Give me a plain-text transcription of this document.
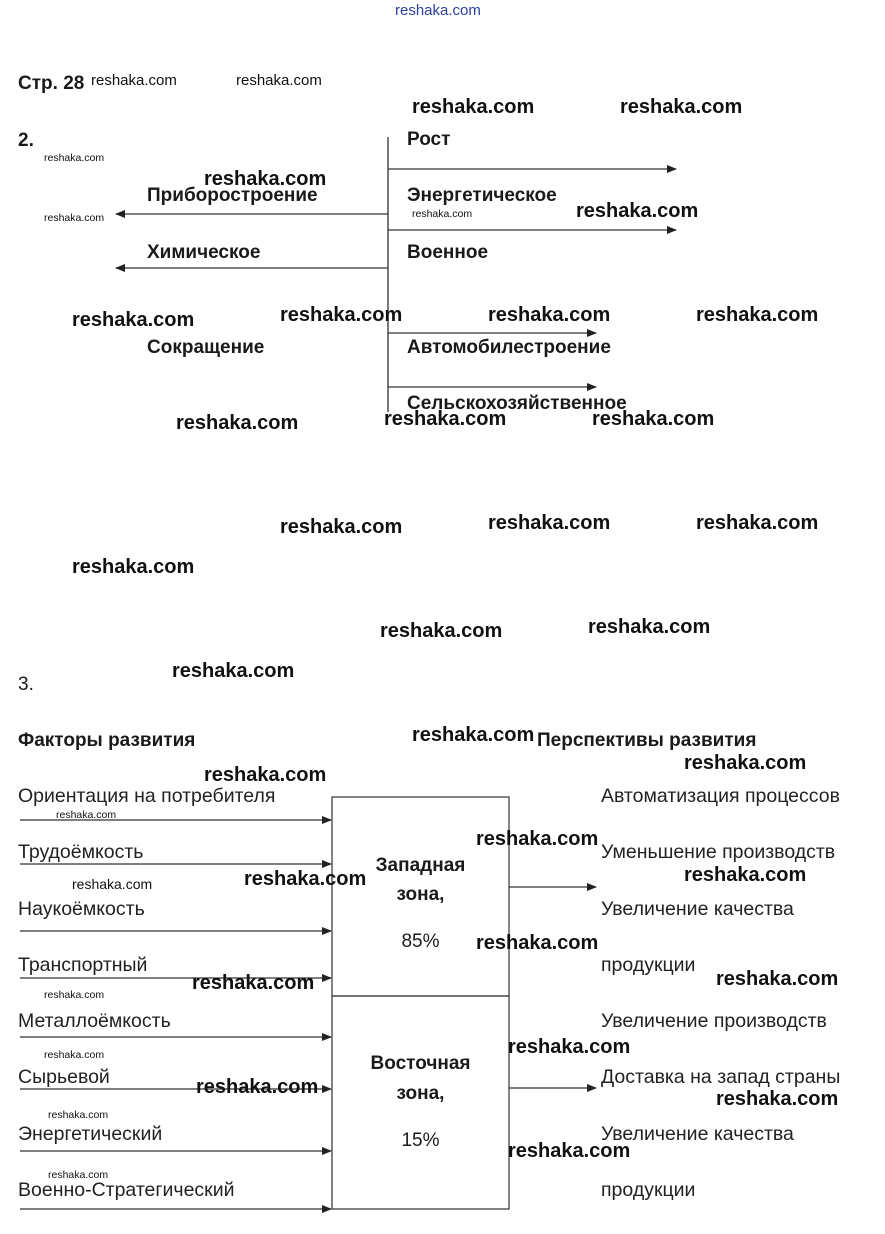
reshaka.com
Стр. 28
2.	Рост
Энергетическое
Военное
Приборостроение
Химическое
Сокращение	Автомобилестроение
Сельскохозяйственное
3.
Факторы развития	Перспективы развития
Ориентация на потребителя
Трудоёмкость
Наукоёмкость
Транспортный
Металлоёмкость
Сырьевой
Энергетический
Военно-Стратегический
Западная
зона,
85%
Восточная
зона,
15%
Автоматизация процессов
Уменьшение производств
Увеличение качества
продукции
Увеличение производств
Доставка на запад страны
Увеличение качества
продукции
reshaka.com	reshaka.com
reshaka.com
reshaka.com	reshaka.com
reshaka.com
reshaka.com
reshaka.com
reshaka.com
reshaka.com
reshaka.com
reshaka.com	reshaka.com
reshaka.com
reshaka.com
reshaka.com	reshaka.com	reshaka.com	reshaka.com
reshaka.com	reshaka.com	reshaka.com
reshaka.com	reshaka.com	reshaka.com
reshaka.com
reshaka.com	reshaka.com
reshaka.com
reshaka.com
reshaka.com
reshaka.com
reshaka.com
reshaka.com
reshaka.com
reshaka.com
reshaka.com
reshaka.com
reshaka.com
reshaka.com
reshaka.com
reshaka.com
